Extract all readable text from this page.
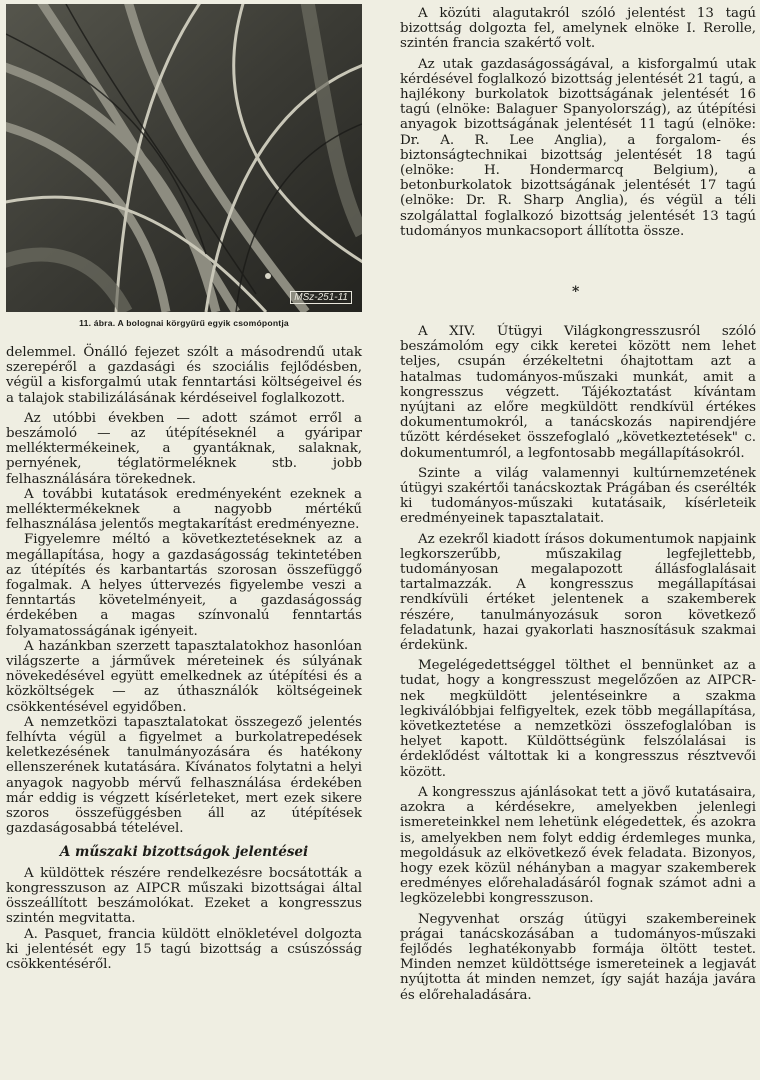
MSz-251-11
11. ábra. A bolognai körgyűrű egyik csomópontja

delemmel. Önálló fejezet szólt a másodrendű utak szerepéről a gazdasági és szociális fejlődésben, végül a kisforgalmú utak fenntartási költségeivel és a talajok stabilizálásának kérdéseivel foglalkozott.

Az utóbbi években — adott számot erről a beszámoló — az útépítéseknél a gyáripar melléktermékeinek, a gyantáknak, salaknak, pernyének, téglatörmeléknek stb. jobb felhasználására törekednek.

A további kutatások eredményeként ezeknek a melléktermékeknek a nagyobb mértékű felhasználása jelentős megtakarítást eredményezne.

Figyelemre méltó a következtetéseknek az a megállapítása, hogy a gazdaságosság tekintetében az útépítés és karbantartás szorosan összefüggő fogalmak. A helyes úttervezés figyelembe veszi a fenntartás követelményeit, a gazdaságosság érdekében a magas színvonalú fenntartás folyamatosságának igényeit.

A hazánkban szerzett tapasztalatokhoz hasonlóan világszerte a járművek méreteinek és súlyának növekedésével együtt emelkednek az útépítési és a közköltségek — az úthasználók költségeinek csökkentésével egyidőben.

A nemzetközi tapasztalatokat összegező jelentés felhívta végül a figyelmet a burkolatrepedések keletkezésének tanulmányozására és hatékony ellenszerének kutatására. Kívánatos folytatni a helyi anyagok nagyobb mérvű felhasználása érdekében már eddig is végzett kísérleteket, mert ezek sikere szoros összefüggésben áll az útépítések gazdaságosabbá tételével.

A műszaki bizottságok jelentései

A küldöttek részére rendelkezésre bocsátották a kongresszuson az AIPCR műszaki bizottságai által összeállított beszámolókat. Ezeket a kongresszus szintén megvitatta.

A. Pasquet, francia küldött elnökletével dolgozta ki jelentését egy 15 tagú bizottság a csúszósság csökkentéséről.

A közúti alagutakról szóló jelentést 13 tagú bizottság dolgozta fel, amelynek elnöke I. Rerolle, szintén francia szakértő volt.

Az utak gazdaságosságával, a kisforgalmú utak kérdésével foglalkozó bizottság jelentését 21 tagú, a hajlékony burkolatok bizottságának jelentését 16 tagú (elnöke: Balaguer Spanyolország), az útépítési anyagok bizottságának jelentését 11 tagú (elnöke: Dr. A. R. Lee Anglia), a forgalom- és biztonságtechnikai bizottság jelentését 18 tagú (elnöke: H. Hondermarcq Belgium), a betonburkolatok bizottságának jelentését 17 tagú (elnöke: Dr. R. Sharp Anglia), és végül a téli szolgálattal foglalkozó bizottság jelentését 13 tagú tudományos munkacsoport állította össze.

*

A XIV. Útügyi Világkongresszusról szóló beszámolóm egy cikk keretei között nem lehet teljes, csupán érzékeltetni óhajtottam azt a hatalmas tudományos-műszaki munkát, amit a kongresszus végzett. Tájékoztatást kívántam nyújtani az előre megküldött rendkívül értékes dokumentumokról, a tanácskozás napirendjére tűzött kérdéseket összefoglaló „következtetések" c. dokumentumról, a legfontosabb megállapításokról.

Szinte a világ valamennyi kultúrnemzetének útügyi szakértői tanácskoztak Prágában és cserélték ki tudományos-műszaki kutatásaik, kísérleteik eredményeinek tapasztalatait.

Az ezekről kiadott írásos dokumentumok napjaink legkorszerűbb, műszakilag legfejlettebb, tudományosan megalapozott állásfoglalásait tartalmazzák. A kongresszus megállapításai rendkívüli értéket jelentenek a szakemberek részére, tanulmányozásuk soron következő feladatunk, hazai gyakorlati hasznosításuk szakmai érdekünk.

Megelégedettséggel tölthet el bennünket az a tudat, hogy a kongresszust megelőzően az AIPCR-nek megküldött jelentéseinkre a szakma legkiválóbbjai felfigyeltek, ezek több megállapítása, következtetése a nemzetközi összefoglalóban is helyet kapott. Küldöttségünk felszólalásai is érdeklődést váltottak ki a kongresszus résztvevői között.

A kongresszus ajánlásokat tett a jövő kutatásaira, azokra a kérdésekre, amelyekben jelenlegi ismereteinkkel nem lehetünk elégedettek, és azokra is, amelyekben nem folyt eddig érdemleges munka, megoldásuk az elkövetkező évek feladata. Bizonyos, hogy ezek közül néhányban a magyar szakemberek eredményes előrehaladásáról fognak számot adni a legközelebbi kongresszuson.

Negyvenhat ország útügyi szakembereinek prágai tanácskozásában a tudományos-műszaki fejlődés leghatékonyabb formája öltött testet. Minden nemzet küldöttsége ismereteinek a legjavát nyújtotta át minden nemzet, így saját hazája javára és előrehaladására.
